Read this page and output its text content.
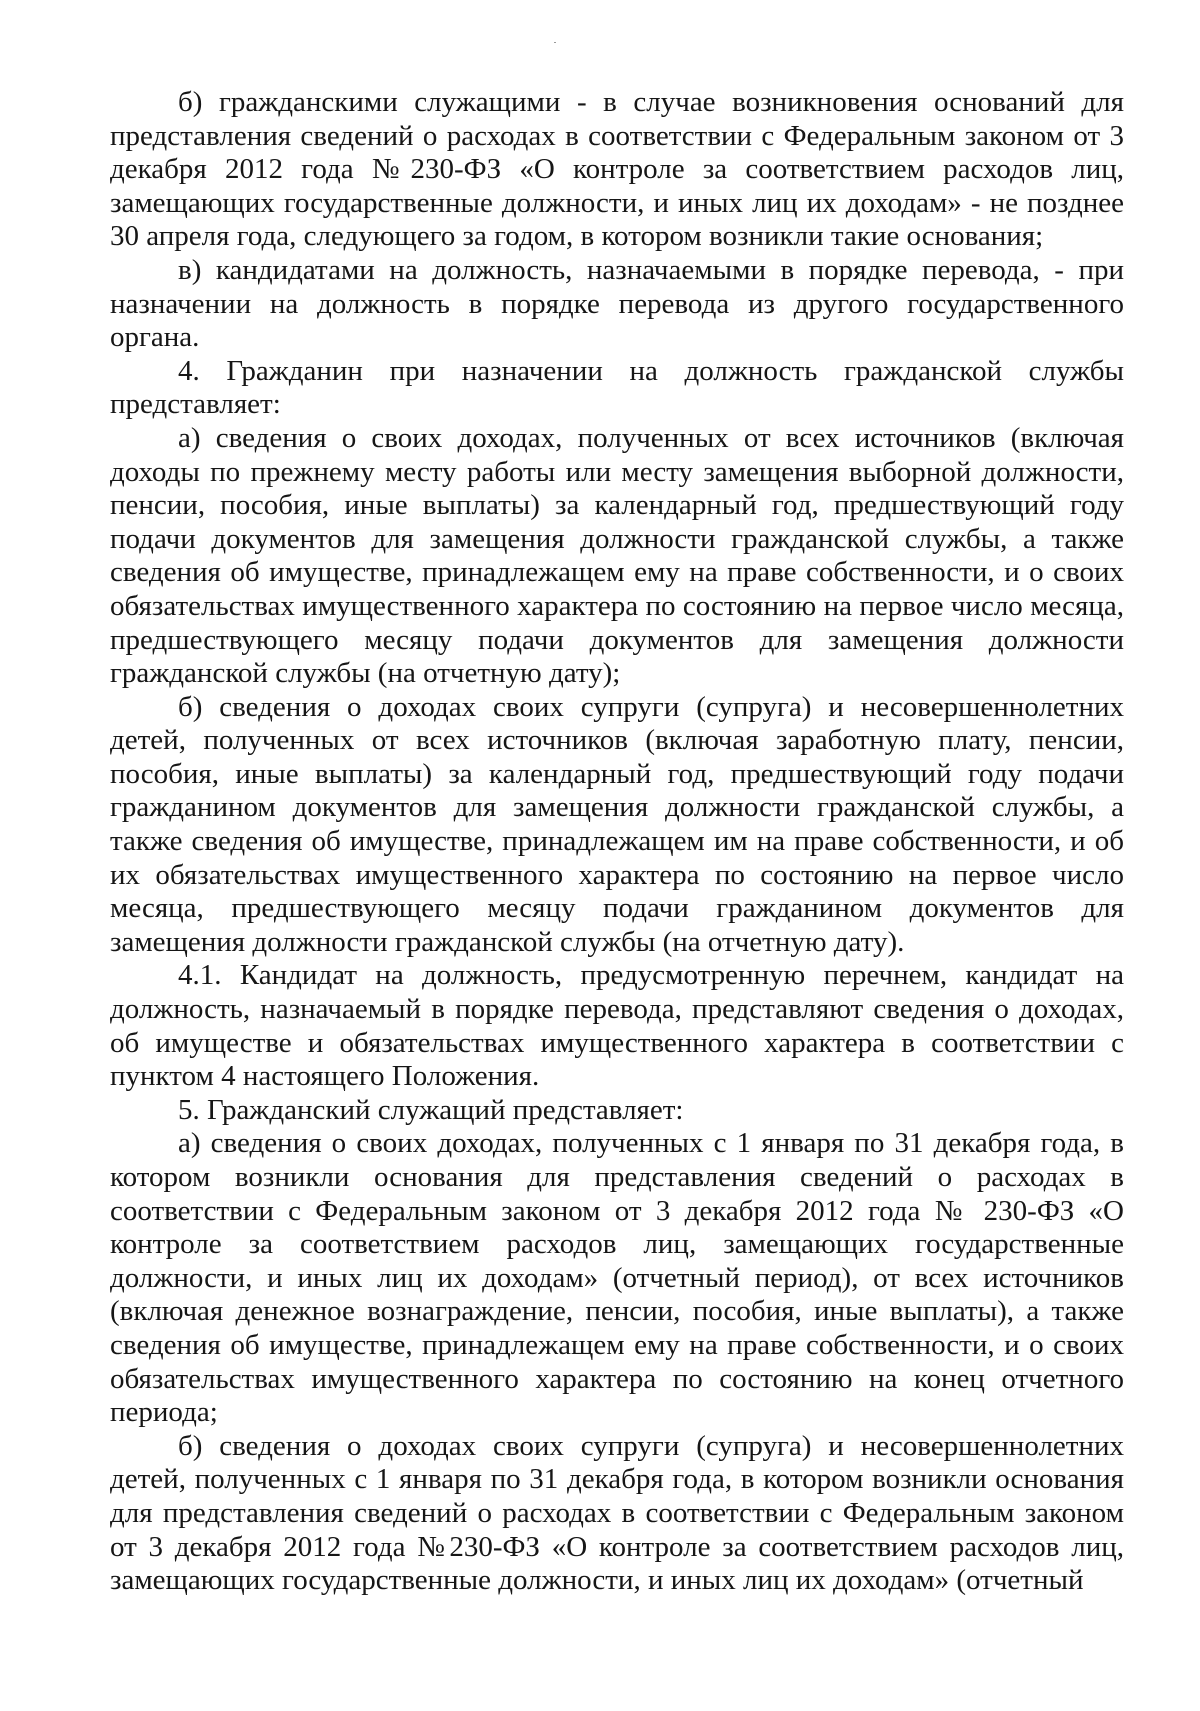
б) гражданскими служащими - в случае возникновения оснований для представления сведений о расходах в соответствии с Федеральным законом от 3 декабря 2012 года №230-ФЗ «О контроле за соответствием расходов лиц, замещающих государственные должности, и иных лиц их доходам» - не позднее 30 апреля года, следующего за годом, в котором возникли такие основания;

в) кандидатами на должность, назначаемыми в порядке перевода, - при назначении на должность в порядке перевода из другого государственного органа.

4. Гражданин при назначении на должность гражданской службы представляет:

а) сведения о своих доходах, полученных от всех источников (включая доходы по прежнему месту работы или месту замещения выборной должности, пенсии, пособия, иные выплаты) за календарный год, предшествующий году подачи документов для замещения должности гражданской службы, а также сведения об имуществе, принадлежащем ему на праве собственности, и о своих обязательствах имущественного характера по состоянию на первое число месяца, предшествующего месяцу подачи документов для замещения должности гражданской службы (на отчетную дату);

б) сведения о доходах своих супруги (супруга) и несовершеннолетних детей, полученных от всех источников (включая заработную плату, пенсии, пособия, иные выплаты) за календарный год, предшествующий году подачи гражданином документов для замещения должности гражданской службы, а также сведения об имуществе, принадлежащем им на праве собственности, и об их обязательствах имущественного характера по состоянию на первое число месяца, предшествующего месяцу подачи гражданином документов для замещения должности гражданской службы (на отчетную дату).

4.1. Кандидат на должность, предусмотренную перечнем, кандидат на должность, назначаемый в порядке перевода, представляют сведения о доходах, об имуществе и обязательствах имущественного характера в соответствии с пунктом 4 настоящего Положения.

5. Гражданский служащий представляет:

а) сведения о своих доходах, полученных с 1 января по 31 декабря года, в котором возникли основания для представления сведений о расходах в соответствии с Федеральным законом от 3 декабря 2012 года № 230-ФЗ «О контроле за соответствием расходов лиц, замещающих государственные должности, и иных лиц их доходам» (отчетный период), от всех источников (включая денежное вознаграждение, пенсии, пособия, иные выплаты), а также сведения об имуществе, принадлежащем ему на праве собственности, и о своих обязательствах имущественного характера по состоянию на конец отчетного периода;

б) сведения о доходах своих супруги (супруга) и несовершеннолетних детей, полученных с 1 января по 31 декабря года, в котором возникли основания для представления сведений о расходах в соответствии с Федеральным законом от 3 декабря 2012 года №230-ФЗ «О контроле за соответствием расходов лиц, замещающих государственные должности, и иных лиц их доходам» (отчетный
